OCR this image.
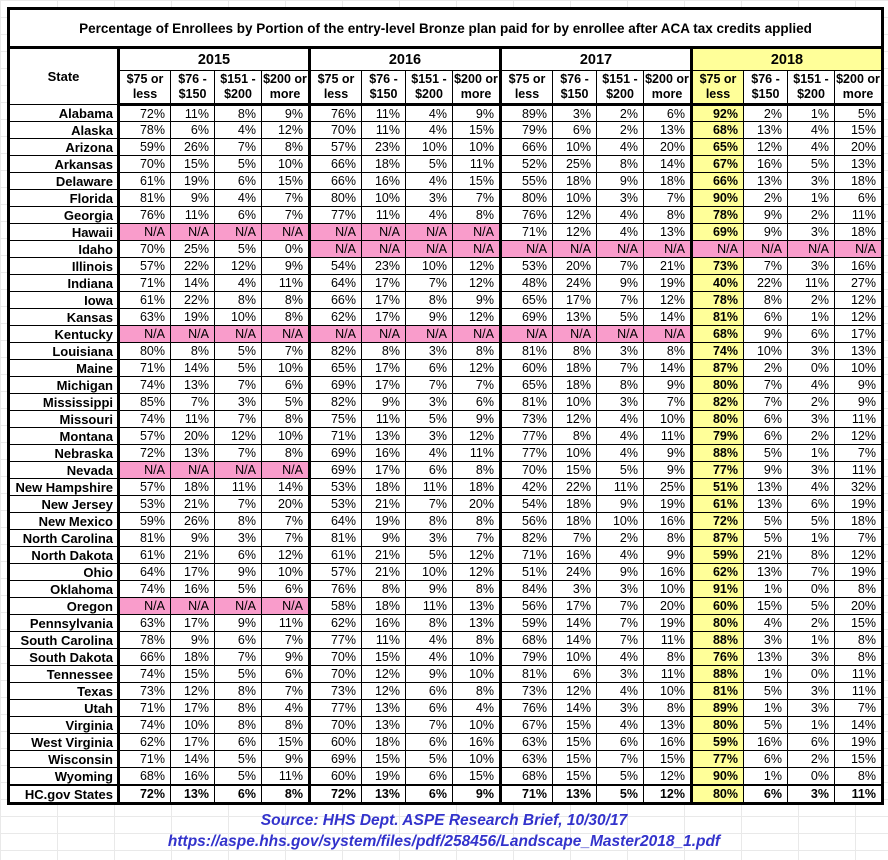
Percentage of Enrollees by Portion of the entry-level Bronze plan paid for by enrollee after ACA tax credits applied																
State	2015				2016				2017				2018			
	$75 or less	$76 - $150	$151 - $200	$200 or more	$75 or less	$76 - $150	$151 - $200	$200 or more	$75 or less	$76 - $150	$151 - $200	$200 or more	$75 or less	$76 - $150	$151 - $200	$200 or more
Alabama	72%	11%	8%	9%	76%	11%	4%	9%	89%	3%	2%	6%	92%	2%	1%	5%
Alaska	78%	6%	4%	12%	70%	11%	4%	15%	79%	6%	2%	13%	68%	13%	4%	15%
Arizona	59%	26%	7%	8%	57%	23%	10%	10%	66%	10%	4%	20%	65%	12%	4%	20%
Arkansas	70%	15%	5%	10%	66%	18%	5%	11%	52%	25%	8%	14%	67%	16%	5%	13%
Delaware	61%	19%	6%	15%	66%	16%	4%	15%	55%	18%	9%	18%	66%	13%	3%	18%
Florida	81%	9%	4%	7%	80%	10%	3%	7%	80%	10%	3%	7%	90%	2%	1%	6%
Georgia	76%	11%	6%	7%	77%	11%	4%	8%	76%	12%	4%	8%	78%	9%	2%	11%
Hawaii	N/A	N/A	N/A	N/A	N/A	N/A	N/A	N/A	71%	12%	4%	13%	69%	9%	3%	18%
Idaho	70%	25%	5%	0%	N/A	N/A	N/A	N/A	N/A	N/A	N/A	N/A	N/A	N/A	N/A	N/A
Illinois	57%	22%	12%	9%	54%	23%	10%	12%	53%	20%	7%	21%	73%	7%	3%	16%
Indiana	71%	14%	4%	11%	64%	17%	7%	12%	48%	24%	9%	19%	40%	22%	11%	27%
Iowa	61%	22%	8%	8%	66%	17%	8%	9%	65%	17%	7%	12%	78%	8%	2%	12%
Kansas	63%	19%	10%	8%	62%	17%	9%	12%	69%	13%	5%	14%	81%	6%	1%	12%
Kentucky	N/A	N/A	N/A	N/A	N/A	N/A	N/A	N/A	N/A	N/A	N/A	N/A	68%	9%	6%	17%
Louisiana	80%	8%	5%	7%	82%	8%	3%	8%	81%	8%	3%	8%	74%	10%	3%	13%
Maine	71%	14%	5%	10%	65%	17%	6%	12%	60%	18%	7%	14%	87%	2%	0%	10%
Michigan	74%	13%	7%	6%	69%	17%	7%	7%	65%	18%	8%	9%	80%	7%	4%	9%
Mississippi	85%	7%	3%	5%	82%	9%	3%	6%	81%	10%	3%	7%	82%	7%	2%	9%
Missouri	74%	11%	7%	8%	75%	11%	5%	9%	73%	12%	4%	10%	80%	6%	3%	11%
Montana	57%	20%	12%	10%	71%	13%	3%	12%	77%	8%	4%	11%	79%	6%	2%	12%
Nebraska	72%	13%	7%	8%	69%	16%	4%	11%	77%	10%	4%	9%	88%	5%	1%	7%
Nevada	N/A	N/A	N/A	N/A	69%	17%	6%	8%	70%	15%	5%	9%	77%	9%	3%	11%
New Hampshire	57%	18%	11%	14%	53%	18%	11%	18%	42%	22%	11%	25%	51%	13%	4%	32%
New Jersey	53%	21%	7%	20%	53%	21%	7%	20%	54%	18%	9%	19%	61%	13%	6%	19%
New Mexico	59%	26%	8%	7%	64%	19%	8%	8%	56%	18%	10%	16%	72%	5%	5%	18%
North Carolina	81%	9%	3%	7%	81%	9%	3%	7%	82%	7%	2%	8%	87%	5%	1%	7%
North Dakota	61%	21%	6%	12%	61%	21%	5%	12%	71%	16%	4%	9%	59%	21%	8%	12%
Ohio	64%	17%	9%	10%	57%	21%	10%	12%	51%	24%	9%	16%	62%	13%	7%	19%
Oklahoma	74%	16%	5%	6%	76%	8%	9%	8%	84%	3%	3%	10%	91%	1%	0%	8%
Oregon	N/A	N/A	N/A	N/A	58%	18%	11%	13%	56%	17%	7%	20%	60%	15%	5%	20%
Pennsylvania	63%	17%	9%	11%	62%	16%	8%	13%	59%	14%	7%	19%	80%	4%	2%	15%
South Carolina	78%	9%	6%	7%	77%	11%	4%	8%	68%	14%	7%	11%	88%	3%	1%	8%
South Dakota	66%	18%	7%	9%	70%	15%	4%	10%	79%	10%	4%	8%	76%	13%	3%	8%
Tennessee	74%	15%	5%	6%	70%	12%	9%	10%	81%	6%	3%	11%	88%	1%	0%	11%
Texas	73%	12%	8%	7%	73%	12%	6%	8%	73%	12%	4%	10%	81%	5%	3%	11%
Utah	71%	17%	8%	4%	77%	13%	6%	4%	76%	14%	3%	8%	89%	1%	3%	7%
Virginia	74%	10%	8%	8%	70%	13%	7%	10%	67%	15%	4%	13%	80%	5%	1%	14%
West Virginia	62%	17%	6%	15%	60%	18%	6%	16%	63%	15%	6%	16%	59%	16%	6%	19%
Wisconsin	71%	14%	5%	9%	69%	15%	5%	10%	63%	15%	7%	15%	77%	6%	2%	15%
Wyoming	68%	16%	5%	11%	60%	19%	6%	15%	68%	15%	5%	12%	90%	1%	0%	8%
HC.gov States	72%	13%	6%	8%	72%	13%	6%	9%	71%	13%	5%	12%	80%	6%	3%	11%
Source: HHS Dept. ASPE Research Brief, 10/30/17
https://aspe.hhs.gov/system/files/pdf/258456/Landscape_Master2018_1.pdf
